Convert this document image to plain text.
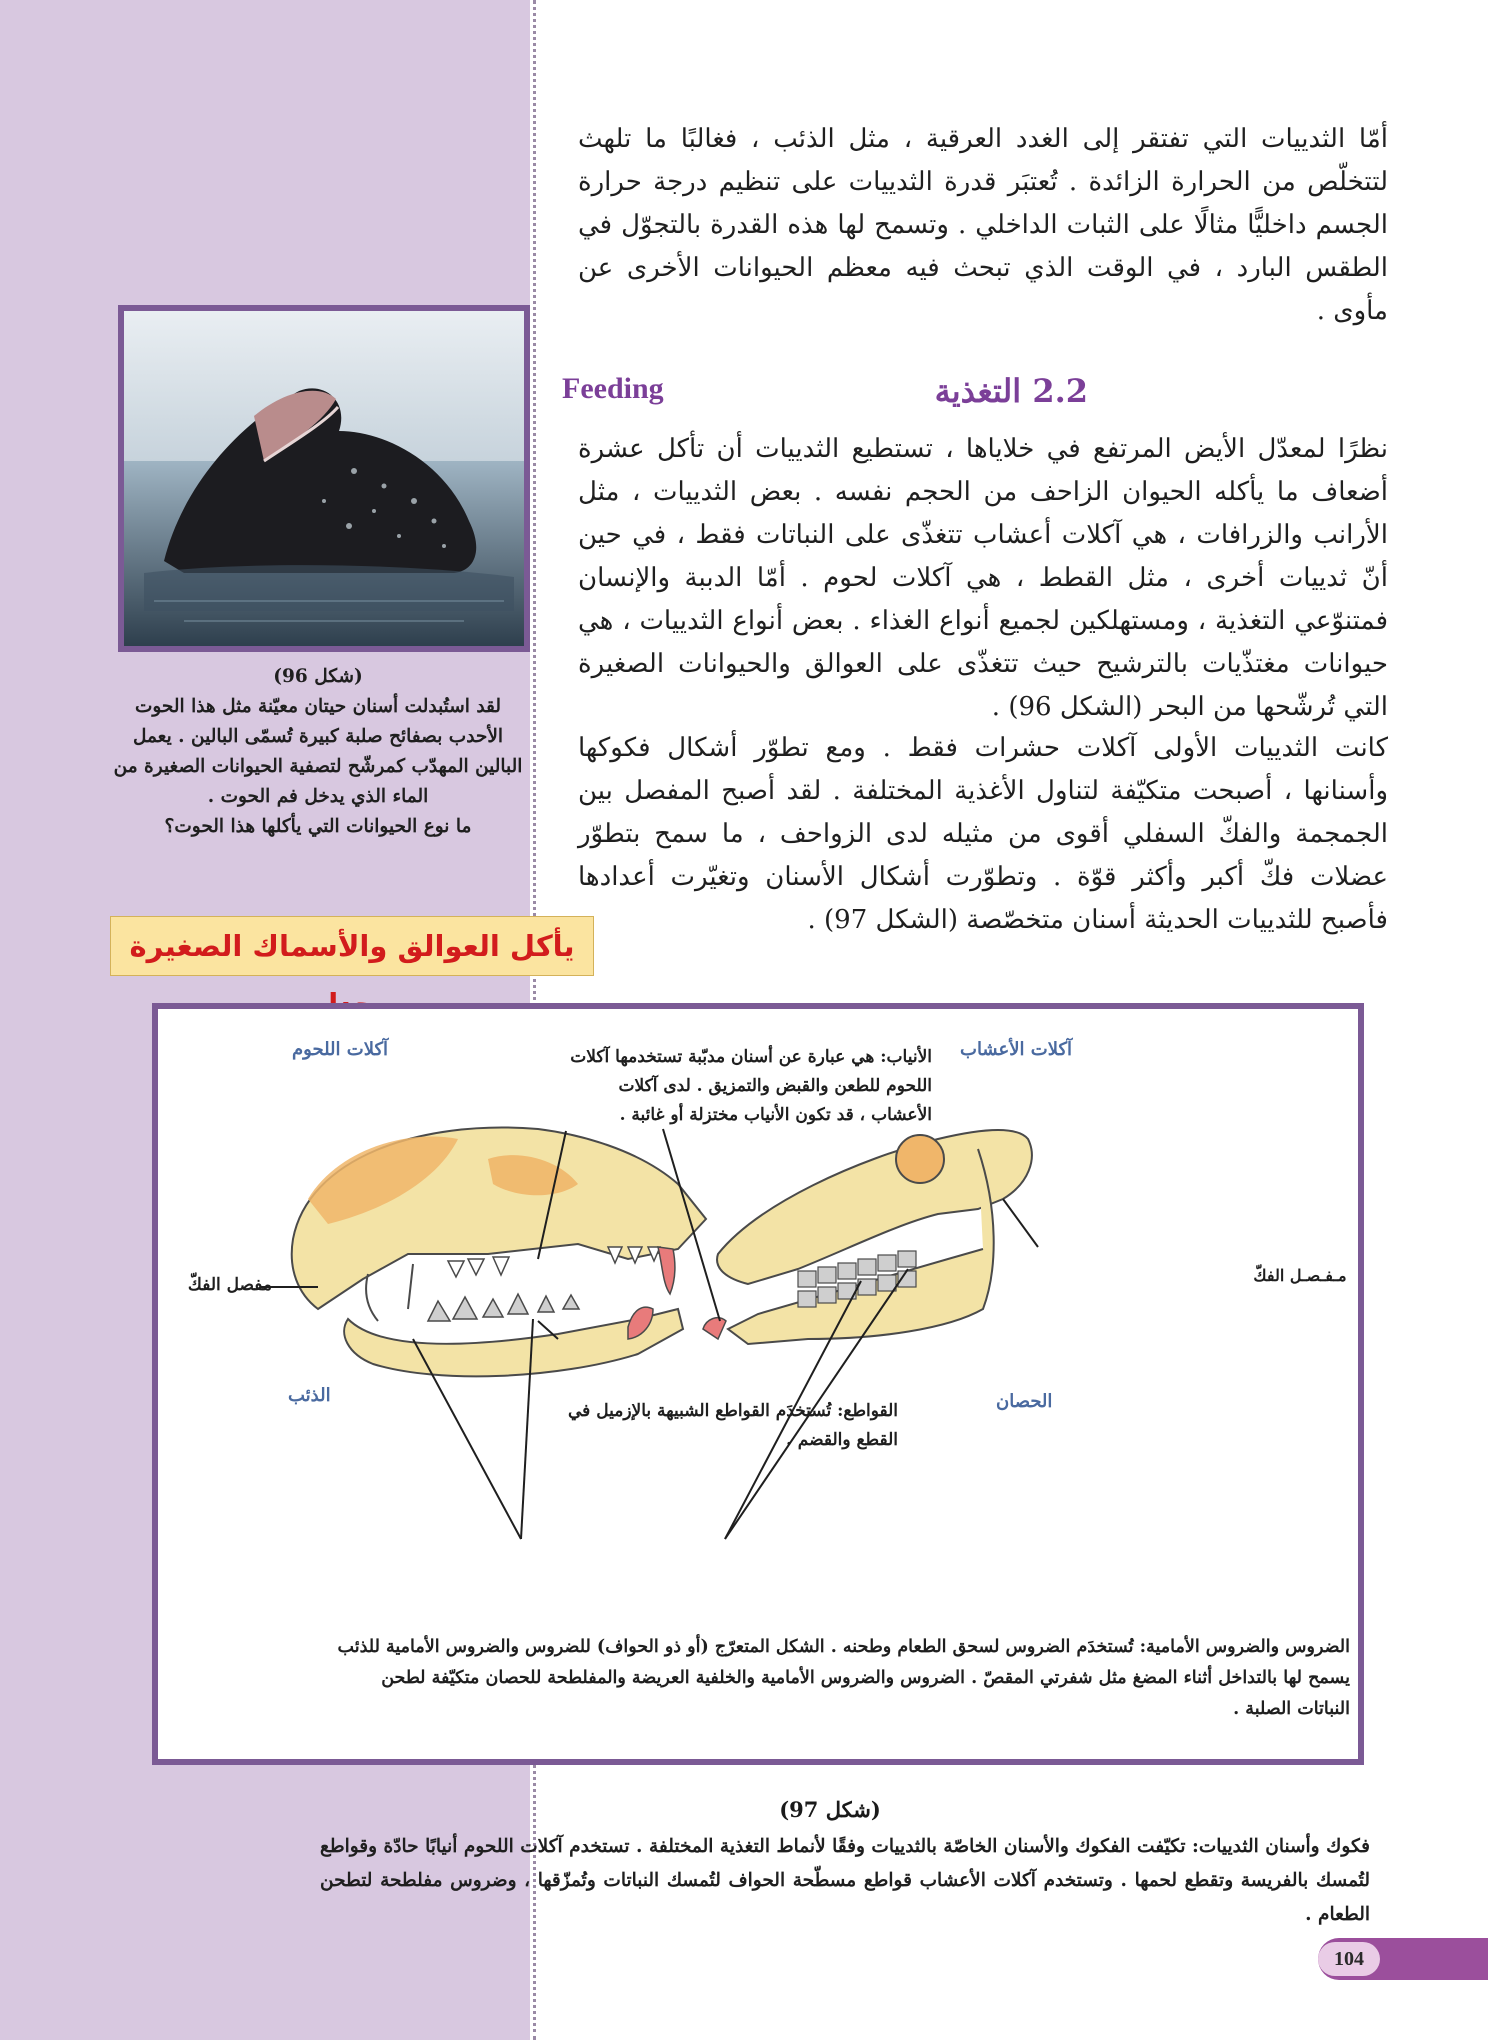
أمّا الثدييات التي تفتقر إلى الغدد العرقية ، مثل الذئب ، فغالبًا ما تلهث لتتخلّص من الحرارة الزائدة . تُعتبَر قدرة الثدييات على تنظيم درجة حرارة الجسم داخليًّا مثالًا على الثبات الداخلي . وتسمح لها هذه القدرة بالتجوّل في الطقس البارد ، في الوقت الذي تبحث فيه معظم الحيوانات الأخرى عن مأوى .
2.2 التغذية
Feeding
نظرًا لمعدّل الأيض المرتفع في خلاياها ، تستطيع الثدييات أن تأكل عشرة أضعاف ما يأكله الحيوان الزاحف من الحجم نفسه . بعض الثدييات ، مثل الأرانب والزرافات ، هي آكلات أعشاب تتغذّى على النباتات فقط ، في حين أنّ ثدييات أخرى ، مثل القطط ، هي آكلات لحوم . أمّا الدببة والإنسان فمتنوّعي التغذية ، ومستهلكين لجميع أنواع الغذاء . بعض أنواع الثدييات ، هي حيوانات مغتذّيات بالترشيح حيث تتغذّى على العوالق والحيوانات الصغيرة التي تُرشّحها من البحر (الشكل 96) .
كانت الثدييات الأولى آكلات حشرات فقط . ومع تطوّر أشكال فكوكها وأسنانها ، أصبحت متكيّفة لتناول الأغذية المختلفة . لقد أصبح المفصل بين الجمجمة والفكّ السفلي أقوى من مثيله لدى الزواحف ، ما سمح بتطوّر عضلات فكّ أكبر وأكثر قوّة . وتطوّرت أشكال الأسنان وتغيّرت أعدادها فأصبح للثدييات الحديثة أسنان متخصّصة (الشكل 97) .
(شكل 96)
لقد استُبدلت أسنان حيتان معيّنة مثل هذا الحوت الأحدب بصفائح صلبة كبيرة تُسمّى البالين . يعمل البالين المهدّب كمرشّح لتصفية الحيوانات الصغيرة من الماء الذي يدخل فم الحوت .
ما نوع الحيوانات التي يأكلها هذا الحوت؟
يأكل العوالق والأسماك الصغيرة
آكلات اللحوم	آكلات الأعشاب
الذئب	الحصان
مفصل الفكّ	مـفـصـل الفكّ
الأنياب: هي عبارة عن أسنان مدبّبة تستخدمها آكلات اللحوم للطعن والقبض والتمزيق . لدى آكلات الأعشاب ، قد تكون الأنياب مختزلة أو غائبة .
القواطع: تُستخدَم القواطع الشبيهة بالإزميل في القطع والقضم .
الضروس والضروس الأمامية: تُستخدَم الضروس لسحق الطعام وطحنه . الشكل المتعرّج (أو ذو الحواف) للضروس والضروس الأمامية للذئب يسمح لها بالتداخل أثناء المضغ مثل شفرتي المقصّ . الضروس والضروس الأمامية والخلفية العريضة والمفلطحة للحصان متكيّفة لطحن النباتات الصلبة .
(شكل 97)
فكوك وأسنان الثدييات: تكيّفت الفكوك والأسنان الخاصّة بالثدييات وفقًا لأنماط التغذية المختلفة . تستخدم آكلات اللحوم أنيابًا حادّة وقواطع لتُمسك بالفريسة وتقطع لحمها . وتستخدم آكلات الأعشاب قواطع مسطّحة الحواف لتُمسك النباتات وتُمزّقها ، وضروس مفلطحة لتطحن الطعام .
104
